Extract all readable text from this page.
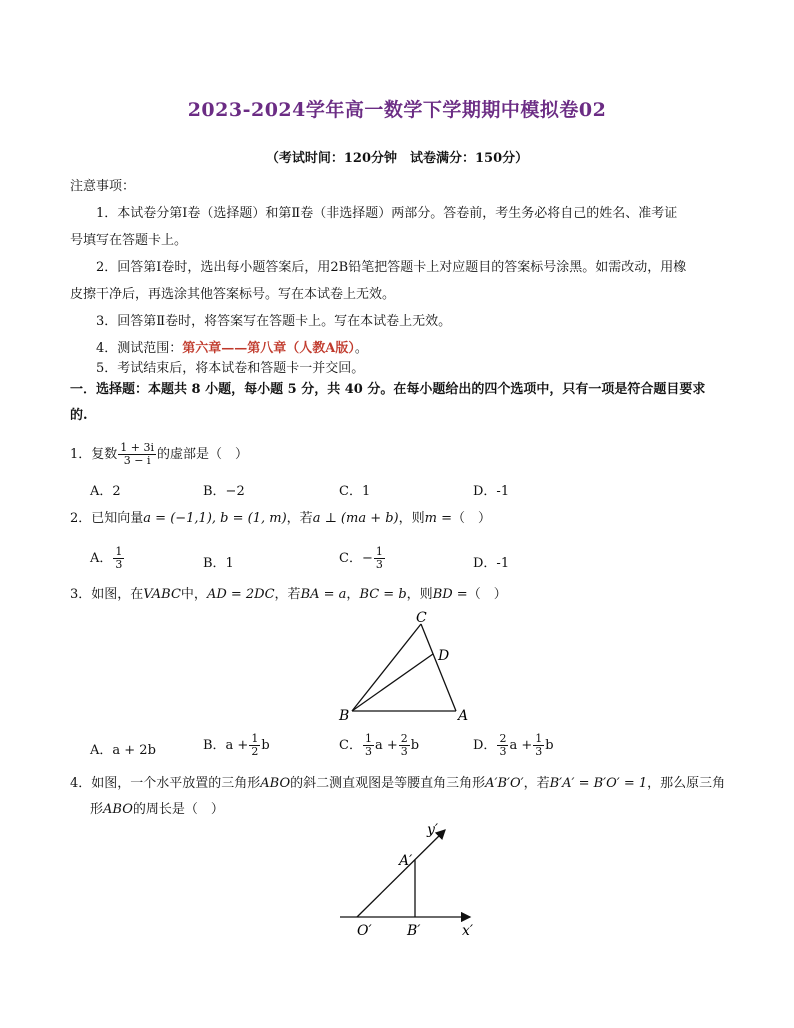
2023-2024学年高一数学下学期期中模拟卷02
（考试时间：120分钟　试卷满分：150分）
注意事项：
1．本试卷分第Ⅰ卷（选择题）和第Ⅱ卷（非选择题）两部分。答卷前，考生务必将自己的姓名、准考证
号填写在答题卡上。
2．回答第Ⅰ卷时，选出每小题答案后，用2B铅笔把答题卡上对应题目的答案标号涂黑。如需改动，用橡
皮擦干净后，再选涂其他答案标号。写在本试卷上无效。
3．回答第Ⅱ卷时，将答案写在答题卡上。写在本试卷上无效。
4．测试范围：第六章——第八章（人教A版）。
5．考试结束后，将本试卷和答题卡一并交回。
一．选择题：本题共 8 小题，每小题 5 分，共 40 分。在每小题给出的四个选项中，只有一项是符合题目要求
的.
1．复数 $\frac{1 + 3i}{3 - i}$ 的虚部是（　）
A．2	B．−2	C．1	D．-1
2．已知向量a = (−1,1), b = (1, m)，若a ⊥ (ma + b)，则m =（　）
A． $\frac{1}{3}$	B．1	C．− $\frac{1}{3}$	D．-1
3．如图，在VABC中，AD = 2DC，若BA = a，BC = b，则BD =（　）
C
D
B	A
A．a + 2b	B．$a + \frac{1}{2}$ b	C． $\frac{1}{3}$ $a + \frac{2}{3}$ b	D． $\frac{2}{3}$ $a + \frac{1}{3}$ b
4．如图，一个水平放置的三角形ABO的斜二测直观图是等腰直角三角形A′B′O′，若B′A′ = B′O′ = 1，那么原三角
形ABO的周长是（　）
y′
A′
O′	B′	x′
